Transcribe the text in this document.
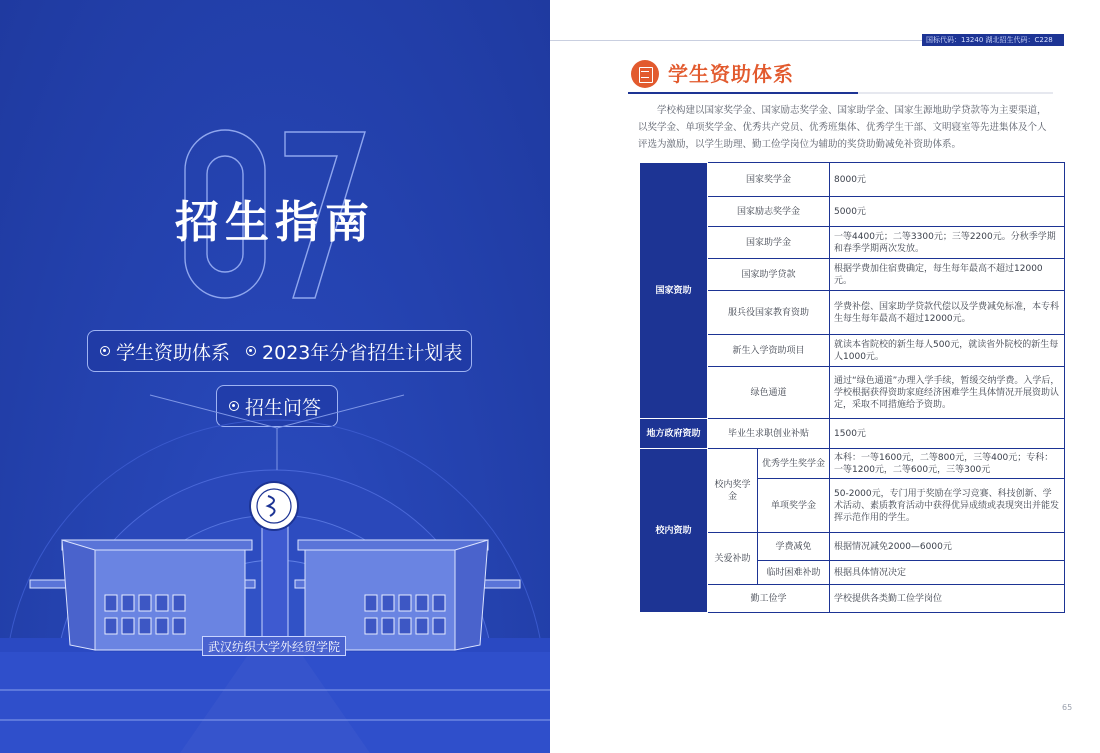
招生指南
学生资助体系 2023年分省招生计划表
招生问答
武汉纺织大学外经贸学院
国标代码：13240 湖北招生代码：C228
学生资助体系

学校构建以国家奖学金、国家励志奖学金、国家助学金、国家生源地助学贷款等为主要渠道，以奖学金、单项奖学金、优秀共产党员、优秀班集体、优秀学生干部、文明寝室等先进集体及个人评选为激励，以学生助理、勤工俭学岗位为辅助的奖贷助勤减免补资助体系。

国家资助	国家奖学金		8000元
	国家励志奖学金		5000元
	国家助学金		一等4400元；二等3300元；三等2200元。分秋季学期和春季学期两次发放。
	国家助学贷款		根据学费加住宿费确定，每生每年最高不超过12000元。
	服兵役国家教育资助		学费补偿、国家助学贷款代偿以及学费减免标准，本专科生每生每年最高不超过12000元。
	新生入学资助项目		就读本省院校的新生每人500元，就读省外院校的新生每人1000元。
	绿色通道		通过“绿色通道”办理入学手续，暂缓交纳学费。入学后，学校根据获得资助家庭经济困难学生具体情况开展资助认定，采取不同措施给予资助。
地方政府资助	毕业生求职创业补贴		1500元
校内资助	校内奖学金	优秀学生奖学金	本科：一等1600元，二等800元，三等400元；专科：一等1200元，二等600元，三等300元
		单项奖学金	50-2000元，专门用于奖励在学习竞赛、科技创新、学术活动、素质教育活动中获得优异成绩或表现突出并能发挥示范作用的学生。
	关爱补助	学费减免	根据情况减免2000—6000元
		临时困难补助	根据具体情况决定
	勤工俭学		学校提供各类勤工俭学岗位
65
